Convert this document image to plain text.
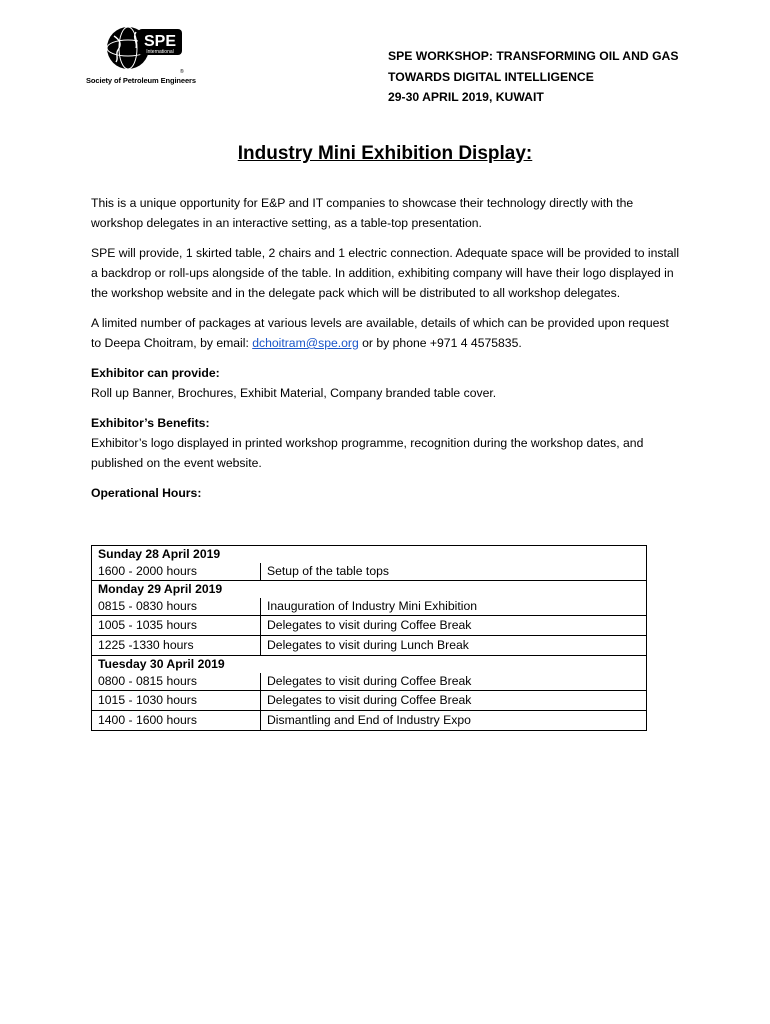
SPE
International
®
Society of Petroleum Engineers
SPE WORKSHOP: TRANSFORMING OIL AND GAS
TOWARDS DIGITAL INTELLIGENCE
29-30 APRIL 2019, KUWAIT
Industry Mini Exhibition Display:

This is a unique opportunity for E&P and IT companies to showcase their technology directly with the workshop delegates in an interactive setting, as a table-top presentation.

SPE will provide, 1 skirted table, 2 chairs and 1 electric connection. Adequate space will be provided to install a backdrop or roll-ups alongside of the table. In addition, exhibiting company will have their logo displayed in the workshop website and in the delegate pack which will be distributed to all workshop delegates.

A limited number of packages at various levels are available, details of which can be provided upon request to Deepa Choitram, by email: dchoitram@spe.org or by phone +971 4 4575835.

Exhibitor can provide:
Roll up Banner, Brochures, Exhibit Material, Company branded table cover.

Exhibitor’s Benefits:
Exhibitor’s logo displayed in printed workshop programme, recognition during the workshop dates, and published on the event website.

Operational Hours:

Sunday 28 April 2019	
1600 - 2000 hours	Setup of the table tops
Monday 29 April 2019	
0815 - 0830 hours	Inauguration of Industry Mini Exhibition
1005 - 1035 hours	Delegates to visit during Coffee Break
1225 -1330 hours	Delegates to visit during Lunch Break
Tuesday 30 April 2019	
0800 - 0815 hours	Delegates to visit during Coffee Break
1015 - 1030 hours	Delegates to visit during Coffee Break
1400 - 1600 hours	Dismantling and End of Industry Expo
